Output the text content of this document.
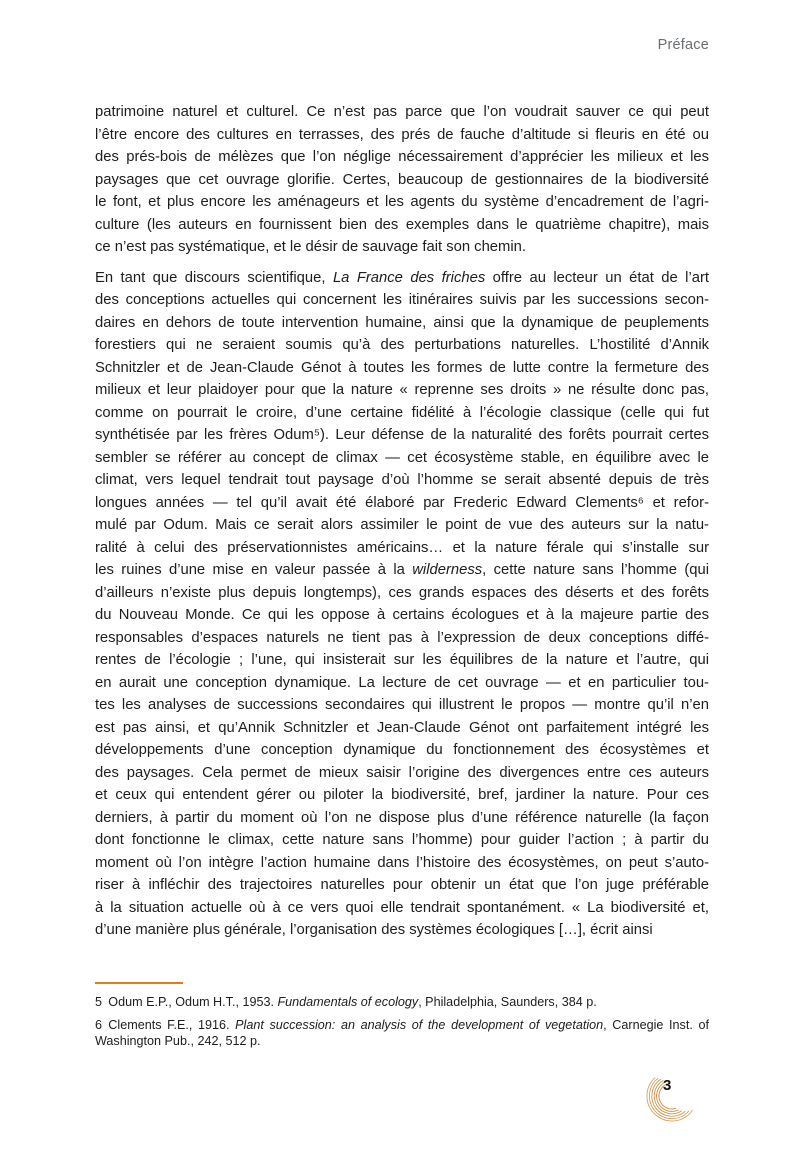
Préface
patrimoine naturel et culturel. Ce n’est pas parce que l’on voudrait sauver ce qui peut
l’être encore des cultures en terrasses, des prés de fauche d’altitude si fleuris en été ou
des prés-bois de mélèzes que l’on néglige nécessairement d’apprécier les milieux et les
paysages que cet ouvrage glorifie. Certes, beaucoup de gestionnaires de la biodiversité
le font, et plus encore les aménageurs et les agents du système d’encadrement de l’agri-
culture (les auteurs en fournissent bien des exemples dans le quatrième chapitre), mais
ce n’est pas systématique, et le désir de sauvage fait son chemin.
En tant que discours scientifique, La France des friches offre au lecteur un état de l’art
des conceptions actuelles qui concernent les itinéraires suivis par les successions secon-
daires en dehors de toute intervention humaine, ainsi que la dynamique de peuplements
forestiers qui ne seraient soumis qu’à des perturbations naturelles. L’hostilité d’Annik
Schnitzler et de Jean-Claude Génot à toutes les formes de lutte contre la fermeture des
milieux et leur plaidoyer pour que la nature « reprenne ses droits » ne résulte donc pas,
comme on pourrait le croire, d’une certaine fidélité à l’écologie classique (celle qui fut
synthétisée par les frères Odum⁵). Leur défense de la naturalité des forêts pourrait certes
sembler se référer au concept de climax — cet écosystème stable, en équilibre avec le
climat, vers lequel tendrait tout paysage d’où l’homme se serait absenté depuis de très
longues années — tel qu’il avait été élaboré par Frederic Edward Clements⁶ et refor-
mulé par Odum. Mais ce serait alors assimiler le point de vue des auteurs sur la natu-
ralité à celui des préservationnistes américains… et la nature férale qui s’installe sur
les ruines d’une mise en valeur passée à la wilderness, cette nature sans l’homme (qui
d’ailleurs n’existe plus depuis longtemps), ces grands espaces des déserts et des forêts
du Nouveau Monde. Ce qui les oppose à certains écologues et à la majeure partie des
responsables d’espaces naturels ne tient pas à l’expression de deux conceptions diffé-
rentes de l’écologie ; l’une, qui insisterait sur les équilibres de la nature et l’autre, qui
en aurait une conception dynamique. La lecture de cet ouvrage — et en particulier tou-
tes les analyses de successions secondaires qui illustrent le propos — montre qu’il n’en
est pas ainsi, et qu’Annik Schnitzler et Jean-Claude Génot ont parfaitement intégré les
développements d’une conception dynamique du fonctionnement des écosystèmes et
des paysages. Cela permet de mieux saisir l’origine des divergences entre ces auteurs
et ceux qui entendent gérer ou piloter la biodiversité, bref, jardiner la nature. Pour ces
derniers, à partir du moment où l’on ne dispose plus d’une référence naturelle (la façon
dont fonctionne le climax, cette nature sans l’homme) pour guider l’action ; à partir du
moment où l’on intègre l’action humaine dans l’histoire des écosystèmes, on peut s’auto-
riser à infléchir des trajectoires naturelles pour obtenir un état que l’on juge préférable
à la situation actuelle où à ce vers quoi elle tendrait spontanément. « La biodiversité et,
d’une manière plus générale, l’organisation des systèmes écologiques […], écrit ainsi
5 Odum E.P., Odum H.T., 1953. Fundamentals of ecology, Philadelphia, Saunders, 384 p.
6 Clements F.E., 1916. Plant succession: an analysis of the development of vegetation, Carnegie Inst. of
Washington Pub., 242, 512 p.
3
